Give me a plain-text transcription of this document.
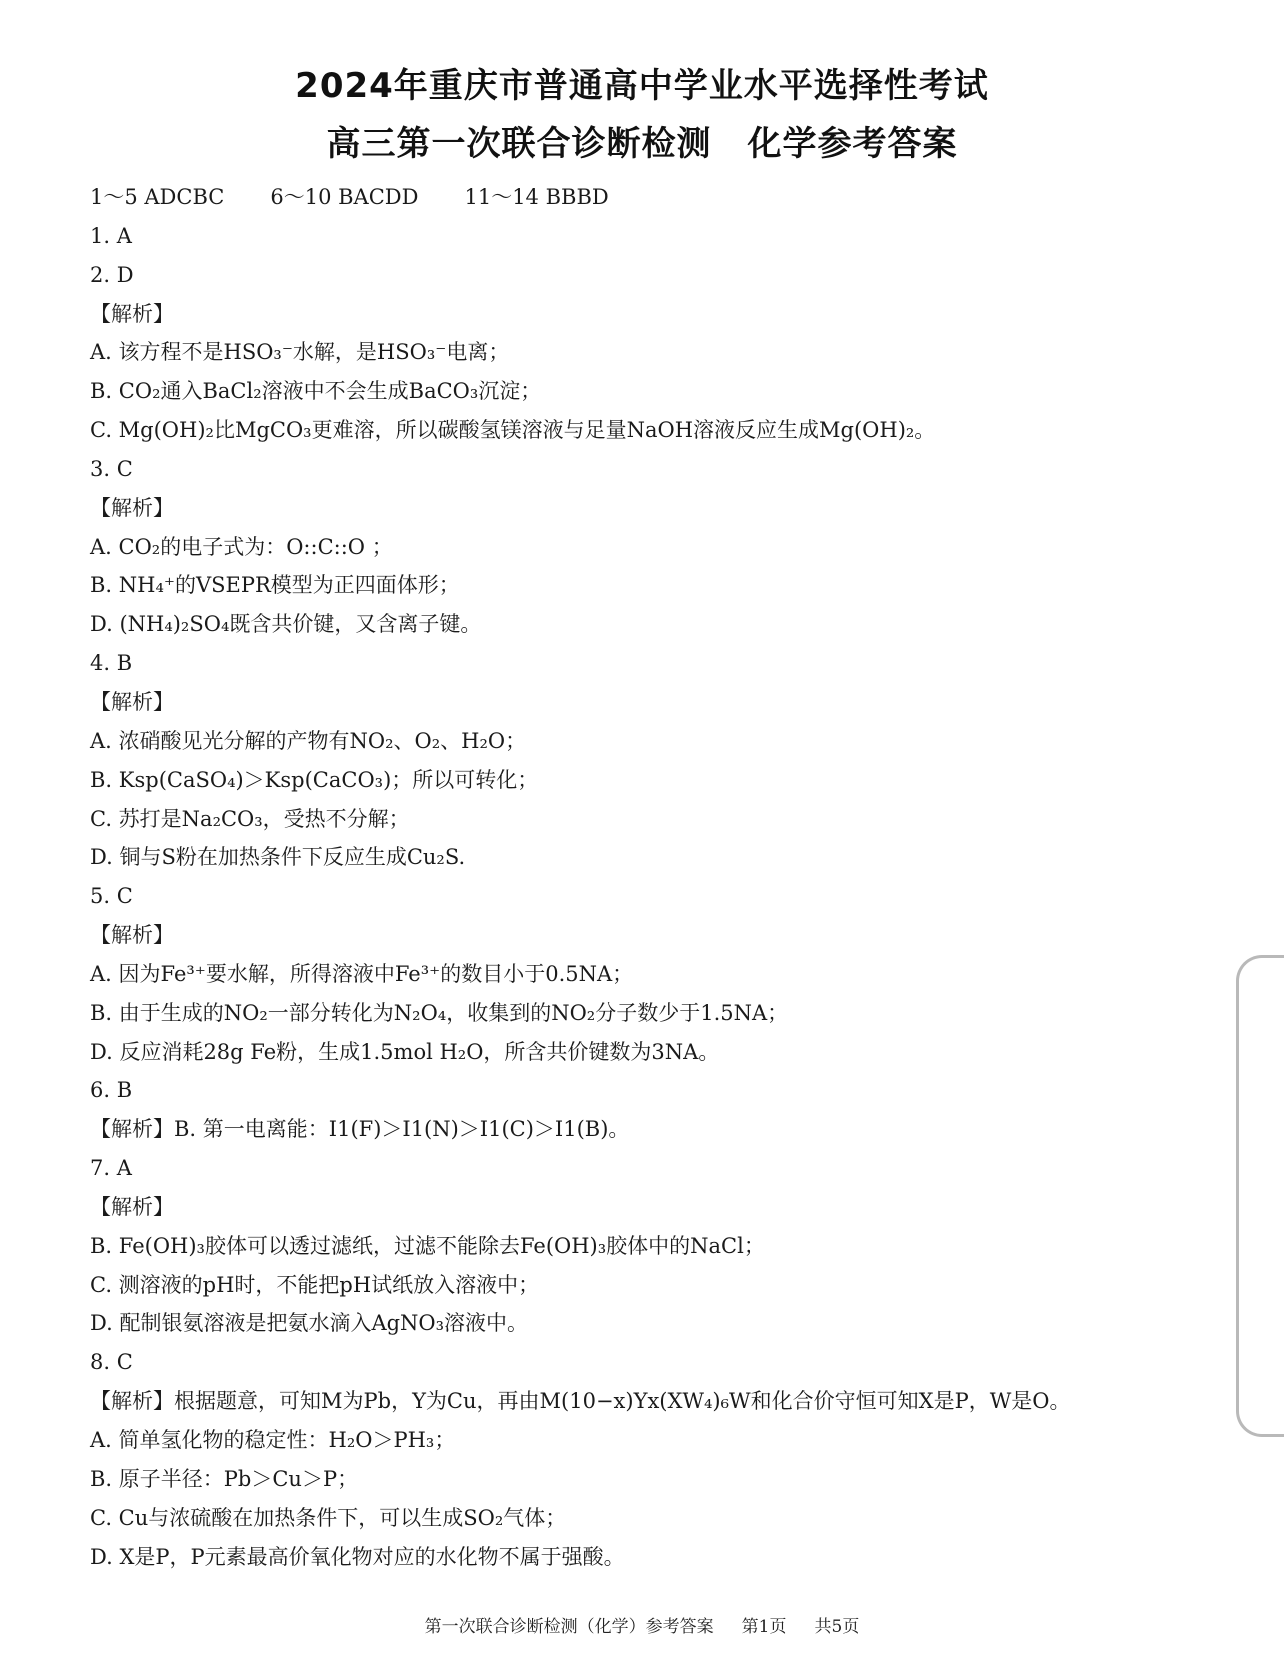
2024年重庆市普通高中学业水平选择性考试
高三第一次联合诊断检测 化学参考答案
1～5 ADCBC 6～10 BACDD 11～14 BBBD
1. A
2. D
【解析】
A. 该方程不是HSO₃⁻水解，是HSO₃⁻电离；
B. CO₂通入BaCl₂溶液中不会生成BaCO₃沉淀；
C. Mg(OH)₂比MgCO₃更难溶，所以碳酸氢镁溶液与足量NaOH溶液反应生成Mg(OH)₂。
3. C
【解析】
A. CO₂的电子式为：O::C::O ；
B. NH₄⁺的VSEPR模型为正四面体形；
D. (NH₄)₂SO₄既含共价键，又含离子键。
4. B
【解析】
A. 浓硝酸见光分解的产物有NO₂、O₂、H₂O；
B. Ksp(CaSO₄)＞Ksp(CaCO₃)；所以可转化；
C. 苏打是Na₂CO₃，受热不分解；
D. 铜与S粉在加热条件下反应生成Cu₂S.
5. C
【解析】
A. 因为Fe³⁺要水解，所得溶液中Fe³⁺的数目小于0.5NA；
B. 由于生成的NO₂一部分转化为N₂O₄，收集到的NO₂分子数少于1.5NA；
D. 反应消耗28g Fe粉，生成1.5mol H₂O，所含共价键数为3NA。
6. B
【解析】B. 第一电离能：I1(F)＞I1(N)＞I1(C)＞I1(B)。
7. A
【解析】
B. Fe(OH)₃胶体可以透过滤纸，过滤不能除去Fe(OH)₃胶体中的NaCl；
C. 测溶液的pH时，不能把pH试纸放入溶液中；
D. 配制银氨溶液是把氨水滴入AgNO₃溶液中。
8. C
【解析】根据题意，可知M为Pb，Y为Cu，再由M(10−x)Yx(XW₄)₆W和化合价守恒可知X是P，W是O。
A. 简单氢化物的稳定性：H₂O＞PH₃；
B. 原子半径：Pb＞Cu＞P；
C. Cu与浓硫酸在加热条件下，可以生成SO₂气体；
D. X是P，P元素最高价氧化物对应的水化物不属于强酸。
第一次联合诊断检测（化学）参考答案 第1页 共5页
